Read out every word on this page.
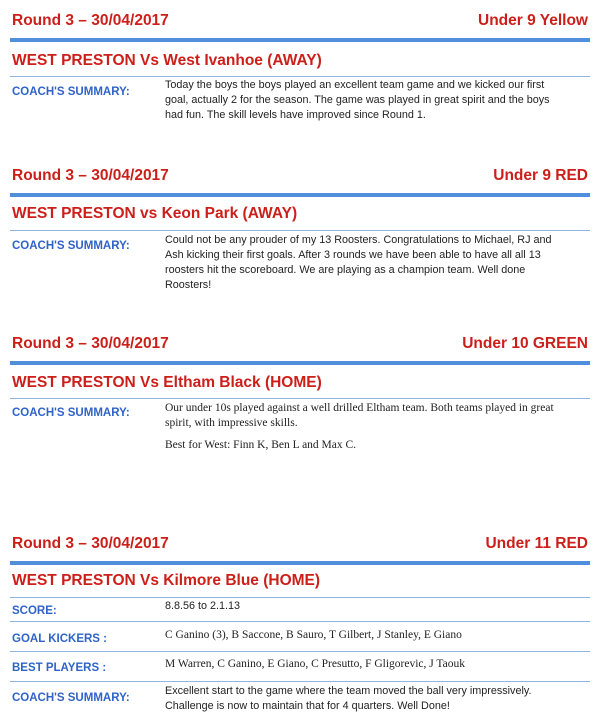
Round 3 – 30/04/2017	Under 9 Yellow
WEST PRESTON Vs West Ivanhoe (AWAY)
COACH'S SUMMARY:
Today the boys the boys played an excellent team game and we kicked our first
goal, actually 2 for the season. The game was played in great spirit and the boys
had fun. The skill levels have improved since Round 1.
Round 3 – 30/04/2017	Under 9 RED
WEST PRESTON vs Keon Park (AWAY)
COACH'S SUMMARY:	Could not be any prouder of my 13 Roosters. Congratulations to Michael, RJ and
Ash kicking their first goals. After 3 rounds we have been able to have all all 13
roosters hit the scoreboard. We are playing as a champion team. Well done
Roosters!
Round 3 – 30/04/2017	Under 10 GREEN
WEST PRESTON Vs Eltham Black (HOME)
COACH'S SUMMARY:	Our under 10s played against a well drilled Eltham team. Both teams played in great
spirit, with impressive skills.
Best for West: Finn K, Ben L and Max C.
Round 3 – 30/04/2017	Under 11 RED
WEST PRESTON Vs Kilmore Blue (HOME)
SCORE:	8.8.56 to 2.1.13
GOAL KICKERS :	C Ganino (3), B Saccone, B Sauro, T Gilbert, J Stanley, E Giano
BEST PLAYERS :	M Warren, C Ganino, E Giano, C Presutto, F Gligorevic, J Taouk
COACH'S SUMMARY:
Excellent start to the game where the team moved the ball very impressively.
Challenge is now to maintain that for 4 quarters. Well Done!
